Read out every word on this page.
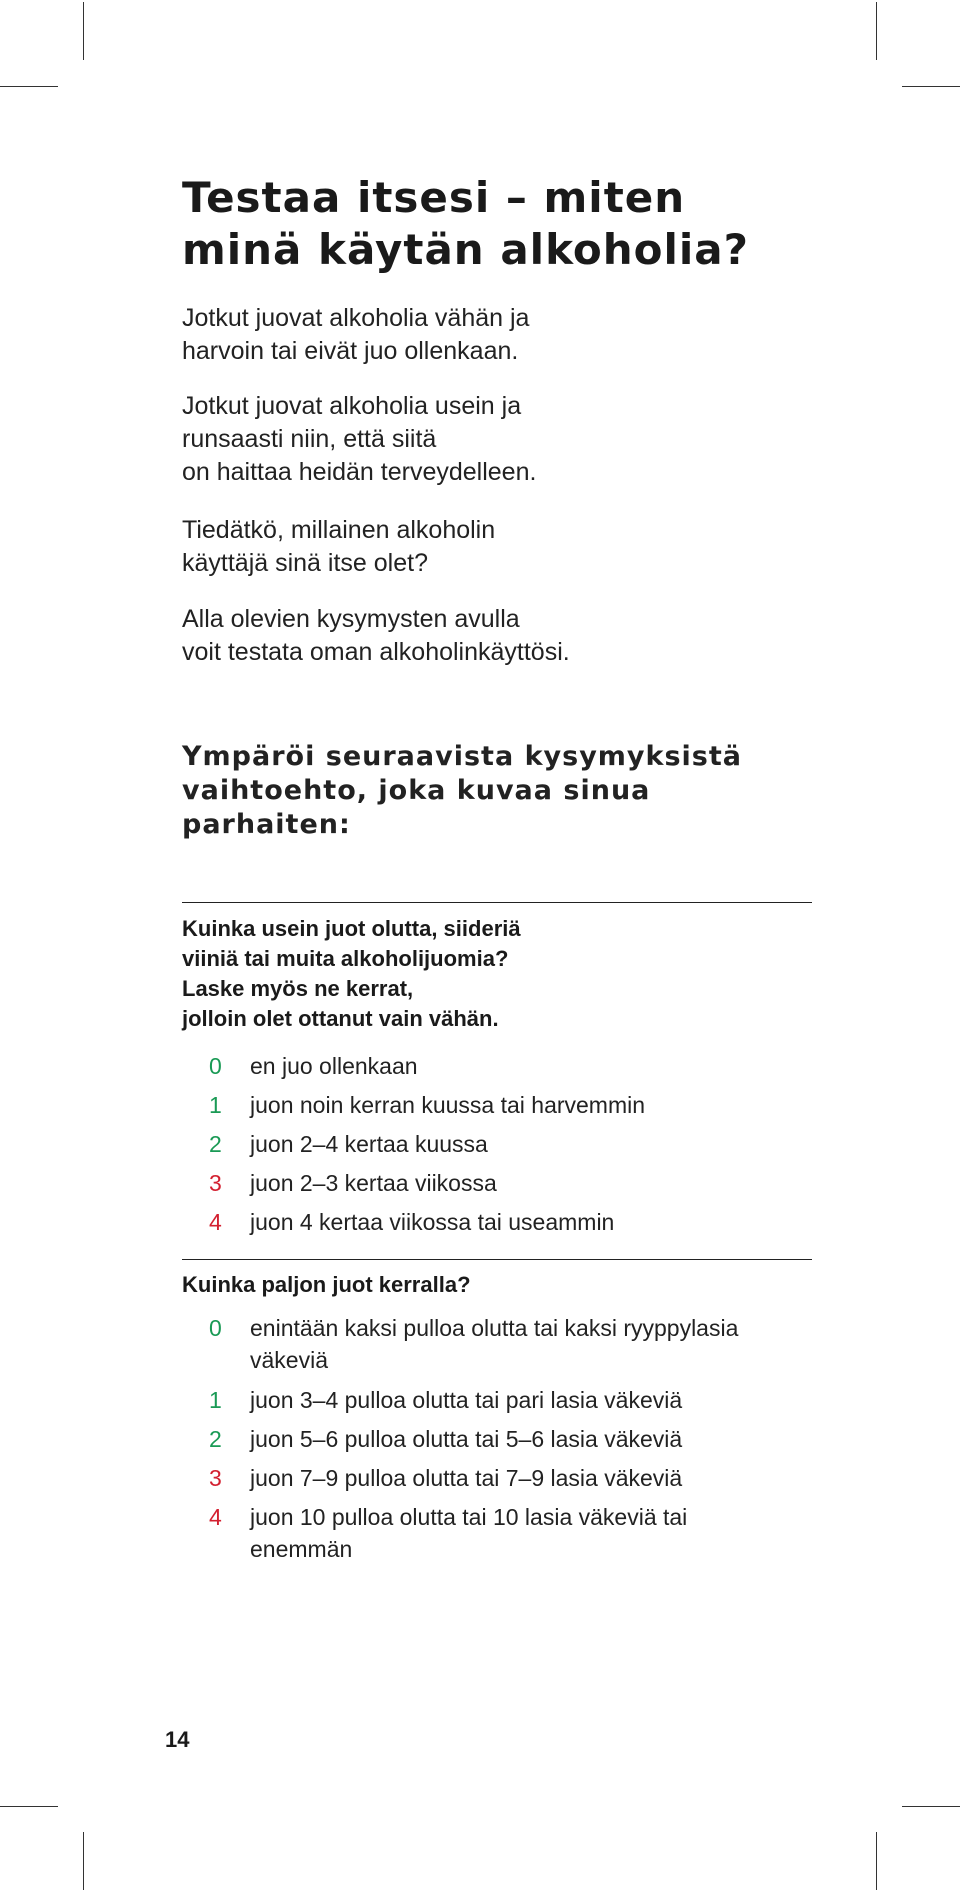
Testaa itsesi – miten
minä käytän alkoholia?
Jotkut juovat alkoholia vähän ja
harvoin tai eivät juo ollenkaan.
Jotkut juovat alkoholia usein ja
runsaasti niin, että siitä
on haittaa heidän terveydelleen.
Tiedätkö, millainen alkoholin
käyttäjä sinä itse olet?
Alla olevien kysymysten avulla
voit testata oman alkoholinkäyttösi.
Ympäröi seuraavista kysymyksistä
vaihtoehto, joka kuvaa sinua
parhaiten:
Kuinka usein juot olutta, siideriä
viiniä tai muita alkoholijuomia?
Laske myös ne kerrat,
jolloin olet ottanut vain vähän.
0	en juo ollenkaan
1	juon noin kerran kuussa tai harvemmin
2	juon 2–4 kertaa kuussa
3	juon 2–3 kertaa viikossa
4	juon 4 kertaa viikossa tai useammin
Kuinka paljon juot kerralla?
0	enintään kaksi pulloa olutta tai kaksi ryyppylasia
väkeviä
1	juon 3–4 pulloa olutta tai pari lasia väkeviä
2	juon 5–6 pulloa olutta tai 5–6 lasia väkeviä
3	juon 7–9 pulloa olutta tai 7–9 lasia väkeviä
4	juon 10 pulloa olutta tai 10 lasia väkeviä tai
enemmän
14
